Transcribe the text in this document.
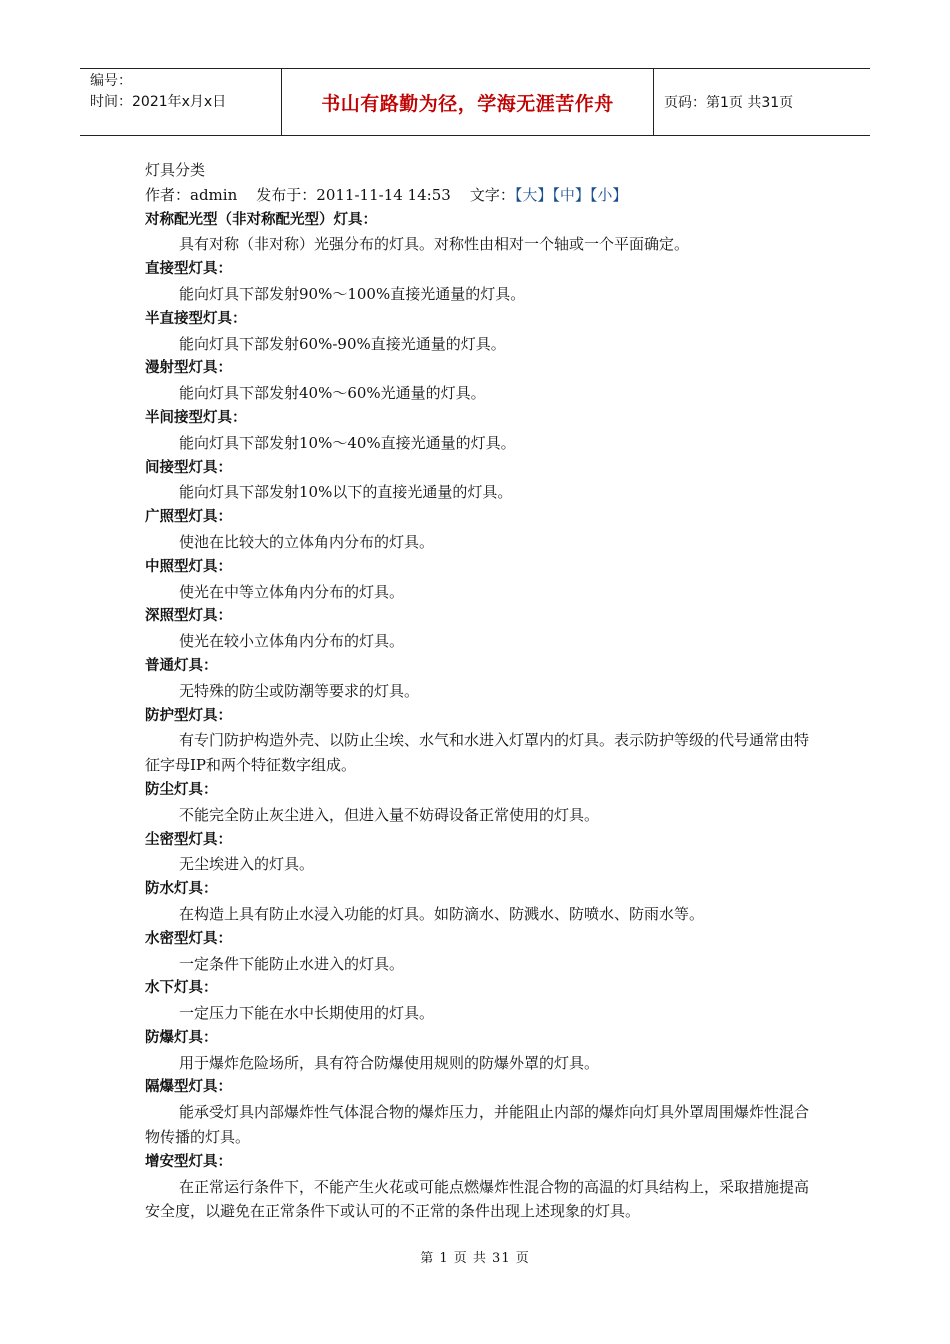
编号：
时间：2021年x月x日	书山有路勤为径，学海无涯苦作舟	页码：第1页 共31页
灯具分类
作者：admin    发布于：2011-11-14 14:53    文字：【大】【中】【小】
对称配光型（非对称配光型）灯具：
具有对称（非对称）光强分布的灯具。对称性由相对一个轴或一个平面确定。
直接型灯具：
能向灯具下部发射90%～100%直接光通量的灯具。
半直接型灯具：
能向灯具下部发射60%-90%直接光通量的灯具。
漫射型灯具：
能向灯具下部发射40%～60%光通量的灯具。
半间接型灯具：
能向灯具下部发射10%～40%直接光通量的灯具。
间接型灯具：
能向灯具下部发射10%以下的直接光通量的灯具。
广照型灯具：
使池在比较大的立体角内分布的灯具。
中照型灯具：
使光在中等立体角内分布的灯具。
深照型灯具：
使光在较小立体角内分布的灯具。
普通灯具：
无特殊的防尘或防潮等要求的灯具。
防护型灯具：
有专门防护构造外壳、以防止尘埃、水气和水进入灯罩内的灯具。表示防护等级的代号通常由特征字母IP和两个特征数字组成。
防尘灯具：
不能完全防止灰尘进入，但进入量不妨碍设备正常使用的灯具。
尘密型灯具：
无尘埃进入的灯具。
防水灯具：
在构造上具有防止水浸入功能的灯具。如防滴水、防溅水、防喷水、防雨水等。
水密型灯具：
一定条件下能防止水进入的灯具。
水下灯具：
一定压力下能在水中长期使用的灯具。
防爆灯具：
用于爆炸危险场所，具有符合防爆使用规则的防爆外罩的灯具。
隔爆型灯具：
能承受灯具内部爆炸性气体混合物的爆炸压力，并能阻止内部的爆炸向灯具外罩周围爆炸性混合物传播的灯具。
增安型灯具：
在正常运行条件下，不能产生火花或可能点燃爆炸性混合物的高温的灯具结构上，采取措施提高安全度，以避免在正常条件下或认可的不正常的条件出现上述现象的灯具。
第 1 页 共 31 页
